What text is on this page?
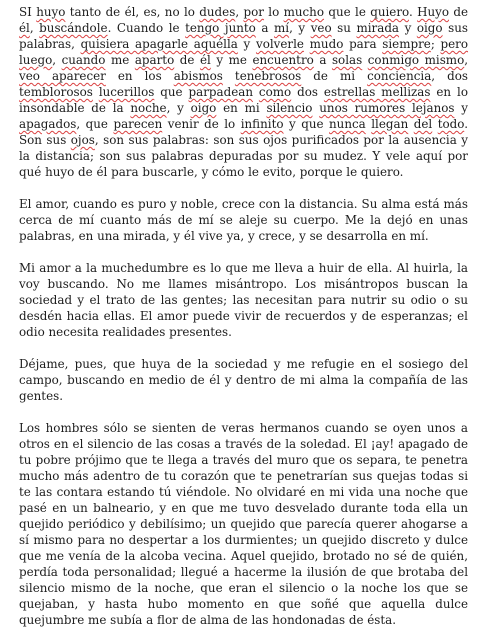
SI huyo tanto de él, es, no lo dudes, por lo mucho que le quiero. Huyo de él, buscándole. Cuando le tengo junto a mí, y veo su mirada y oigo sus palabras, quisiera apagarle aquélla y volverle mudo para siempre; pero luego, cuando me aparto de él y me encuentro a solas conmigo mismo, veo aparecer en los abismos tenebrosos de mi conciencia, dos temblorosos lucerillos que parpadean como dos estrellas mellizas en lo insondable de la noche, y oigo en mi silencio unos rumores lejanos y apagados, que parecen venir de lo infinito y que nunca llegan del todo. Son sus ojos, son sus palabras: son sus ojos purificados por la ausencia y la distancia; son sus palabras depuradas por su mudez. Y vele aquí por qué huyo de él para buscarle, y cómo le evito, porque le quiero.

El amor, cuando es puro y noble, crece con la distancia. Su alma está más cerca de mí cuanto más de mí se aleje su cuerpo. Me la dejó en unas palabras, en una mirada, y él vive ya, y crece, y se desarrolla en mí.

Mi amor a la muchedumbre es lo que me lleva a huir de ella. Al huirla, la voy buscando. No me llames misántropo. Los misántropos buscan la sociedad y el trato de las gentes; las necesitan para nutrir su odio o su desdén hacia ellas. El amor puede vivir de recuerdos y de esperanzas; el odio necesita realidades presentes.

Déjame, pues, que huya de la sociedad y me refugie en el sosiego del campo, buscando en medio de él y dentro de mi alma la compañía de las gentes.

Los hombres sólo se sienten de veras hermanos cuando se oyen unos a otros en el silencio de las cosas a través de la soledad. El ¡ay! apagado de tu pobre prójimo que te llega a través del muro que os separa, te penetra mucho más adentro de tu corazón que te penetrarían sus quejas todas si te las contara estando tú viéndole. No olvidaré en mi vida una noche que pasé en un balneario, y en que me tuvo desvelado durante toda ella un quejido periódico y debilísimo; un quejido que parecía querer ahogarse a sí mismo para no despertar a los durmientes; un quejido discreto y dulce que me venía de la alcoba vecina. Aquel quejido, brotado no sé de quién, perdía toda personalidad; llegué a hacerme la ilusión de que brotaba del silencio mismo de la noche, que eran el silencio o la noche los que se quejaban, y hasta hubo momento en que soñé que aquella dulce quejumbre me subía a flor de alma de las hondonadas de ésta.
